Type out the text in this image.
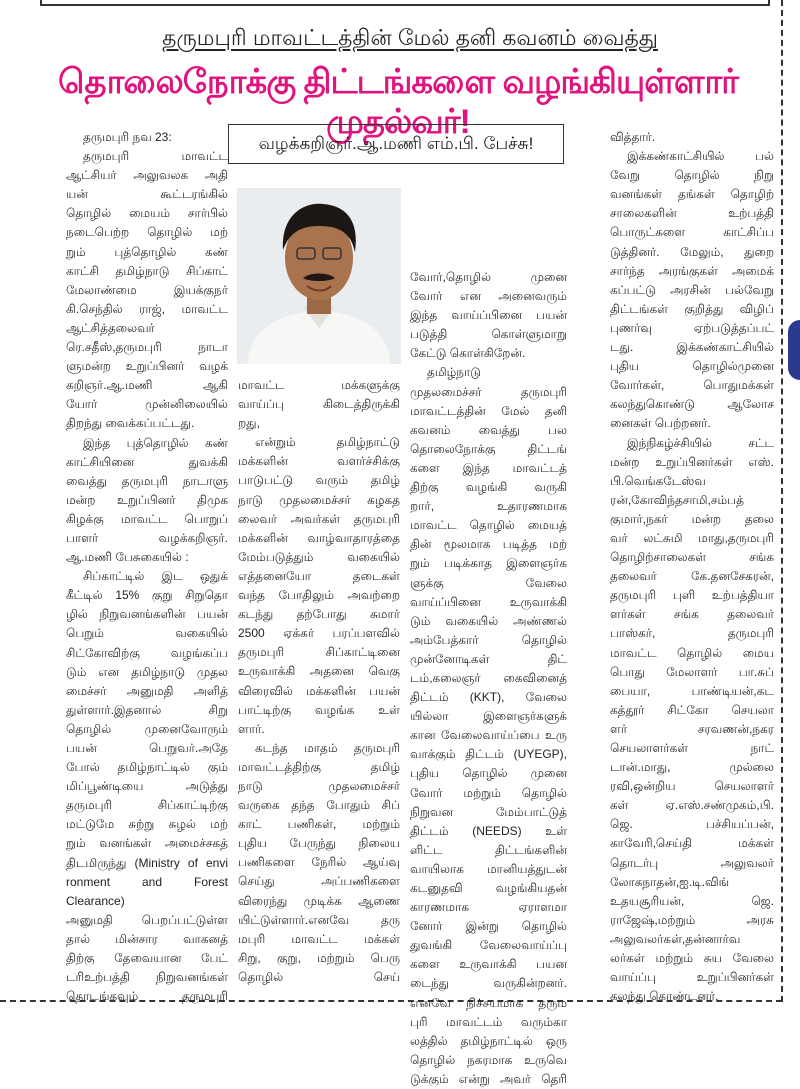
தருமபுரி மாவட்டத்தின் மேல் தனி கவனம் வைத்து
தொலைநோக்கு திட்டங்களை வழங்கியுள்ளார் முதல்வர்!
வழக்கறிஞர்.ஆ.மணி எம்.பி. பேச்சு!
தருமபுரி நவ 23:
தருமபுரி மாவட்ட
ஆட்சியர் அலுவலக அதி
யன் கூட்டரங்கில்
தொழில் மையம் சார்பில்
நடைபெற்ற தொழில் மற்
றும் புத்தொழில் கண்
காட்சி தமிழ்நாடு சிப்காட்
மேலாண்மை இயக்குநர்
கி.செந்தில் ராஜ், மாவட்ட
ஆட்சித்தலைவர்
ரெ.சதீஸ்,தருமபுரி நாடா
ளுமன்ற உறுப்பினர் வழக்
கறிஞர்.ஆ.மணி ஆகி
யோர் முன்னிலையில்
திறந்து வைக்கப்பட்டது.
இந்த புத்தொழில் கண்
காட்சியினை துவக்கி
வைத்து தருமபுரி நாடாளு
மன்ற உறுப்பினர் திமுக
கிழக்கு மாவட்ட பொறுப்
பாளர் வழக்கறிஞர்.
ஆ.மணி பேசுகையில் :
சிப்காட்டில் இட ஒதுக்
கீட்டில் 15% குறு சிறுதொ
ழில் நிறுவனங்களின் பயன்
பெறும் வகையில்
சிட்கோவிற்கு வழங்கப்ப
டும் என தமிழ்நாடு முதல
மைச்சர் அனுமதி அளித்
துள்ளார்.இதனால் சிறு
தொழில் முனைவோரும்
பயன் பெறுவர்.அதே
போல் தமிழ்நாட்டில் கும்
மிப்பூண்டியை அடுத்து
தருமபுரி சிப்காட்டிற்கு
மட்டுமே சுற்று சுழல் மற்
றும் வனங்கள் அமைச்சகத்
திடமிருந்து (Ministry of envi
ronment and Forest Clearance)
அனுமதி பெறப்பட்டுள்ள
தால் மின்சார வாகனத்
திற்கு தேவையான பேட்
டரிஉற்பத்தி நிறுவனங்கள்
தொடங்கவும் தருமபுரி
மாவட்ட மக்களுக்கு
வாய்ப்பு கிடைத்திருக்கி
றது,
என்றும் தமிழ்நாட்டு
மக்களின் வளர்ச்சிக்கு
பாடுபட்டு வரும் தமிழ்
நாடு முதலமைச்சர் கழகத
லைவர் அவர்கள் தருமபுரி
மக்களின் வாழ்வாதாரத்தை
மேம்படுத்தும் வகையில்
எத்தனையோ தடைகள்
வந்த போதிலும் அவற்றை
கடந்து தற்போது சுமார்
2500 ஏக்கர் பரப்பளவில்
தருமபுரி சிப்காட்டினை
உருவாக்கி அதனை வெகு
விரைவில் மக்களின் பயன்
பாட்டிற்கு வழங்க உள்
ளார்.
கடந்த மாதம் தருமபுரி
மாவட்டத்திற்கு தமிழ்
நாடு முதலமைச்சர்
வருகை தந்த போதும் சிப்
காட் பணிகள், மற்றும்
புதிய பேருந்து நிலைய
பணிகளை நேரில் ஆய்வு
செய்து அப்பணிகளை
விரைந்து முடிக்க ஆணை
யிட்டுள்ளார்.எனவே தரு
மபுரி மாவட்ட மக்கள்
சிறு, குறு, மற்றும் பெரு
தொழில் செய்
வோர்,தொழில் முனை
வோர் என அனைவரும்
இந்த வாய்ப்பினை பயன்
படுத்தி கொள்ளுமாறு
கேட்டு கொள்கிறேன்.
தமிழ்நாடு
முதலமைச்சர் தருமபுரி
மாவட்டத்தின் மேல் தனி
கவனம் வைத்து பல
தொலைநோக்கு திட்டங்
களை இந்த மாவட்டத்
திற்கு வழங்கி வருகி
றார், உதாரணமாக
மாவட்ட தொழில் மையத்
தின் மூலமாக படித்த மற்
றும் படிக்காத இளைஞர்க
ளுக்கு வேலை
வாய்ப்பினை உருவாக்கி
டும் வகையில் அண்ணல்
அம்பேத்கார் தொழில்
முன்னோடிகள் திட்
டம்,கலைஞர் கைவினைத்
திட்டம் (KKT), வேலை
யில்லா இளைஞர்களுக்
கான வேலைவாய்ப்பை உரு
வாக்கும் திட்டம் (UYEGP),
புதிய தொழில் முனை
வோர் மற்றும் தொழில்
நிறுவன மேம்பாட்டுத்
திட்டம் (NEEDS) உள்
ளிட்ட திட்டங்களின்
வாயிலாக மானியத்துடன்
கடனுதவி வழங்கியதன்
காரணமாக ஏராளமா
னோர் இன்று தொழில்
துவங்கி வேலைவாய்ப்பு
களை உருவாக்கி பயன
டைந்து வருகின்றனர்.
எனவே நிச்சயமாக தரும
புரி மாவட்டம் வரும்கா
லத்தில் தமிழ்நாட்டில் ஒரு
தொழில் நகரமாக உருவெ
டுக்கும் என்று அவர் தெரி
வித்தார்.
இக்கண்காட்சியில் பல்
வேறு தொழில் நிறு
வனங்கள் தங்கள் தொழிற்
சாலைகளின் உற்பத்தி
பொருட்களை காட்சிப்ப
டுத்தினர். மேலும், துறை
சார்ந்த அரங்குகள் அமைக்
கப்பட்டு அரசின் பல்வேறு
திட்டங்கள் குறித்து விழிப்
புணர்வு ஏற்படுத்தப்பட்
டது. இக்கண்காட்சியில்
புதிய தொழில்முனை
வோர்கள், பொதுமக்கள்
கலந்துகொண்டு ஆலோச
னைகள் பெற்றனர்.
இந்நிகழ்ச்சியில் சட்ட
மன்ற உறுப்பினர்கள் எஸ்.
பி.வெங்கடேஸ்வ
ரன்,கோவிந்தசாமி,சம்பத்
குமார்,நகர் மன்ற தலை
வர் லட்சுமி மாது,தருமபுரி
தொழிற்சாலைகள் சங்க
தலைவர் கே.தனசேகரன்,
தருமபுரி புளி உற்பத்தியா
ளர்கள் சங்க தலைவர்
பாஸ்கர், தருமபுரி
மாவட்ட தொழில் மைய
பொது மேலாளர் பா.சுப்
பையா, பாண்டியன்,கட
கத்தூர் சிட்கோ செயலா
ளர் சரவணன்,நகர
செயலாளர்கள் நாட்
டான்.மாது, முல்லை
ரவி,ஒன்றிய செயலாளர்
கள் ஏ.எஸ்.சண்முகம்,பி.
ஜெ. பச்சியப்பன்,
காவேரி,செய்தி மக்கள்
தொடர்பு அலுவலர்
லோகநாதன்,ஐ.டி.விங்
உதயசூரியன், ஜெ.
ராஜேஷ்,மற்றும் அரசு
அலுவலர்கள்,தன்னார்வ
லர்கள் மற்றும் சுய வேலை
வாய்ப்பு உறுப்பினர்கள்
கலந்து கொண்டனர்.
